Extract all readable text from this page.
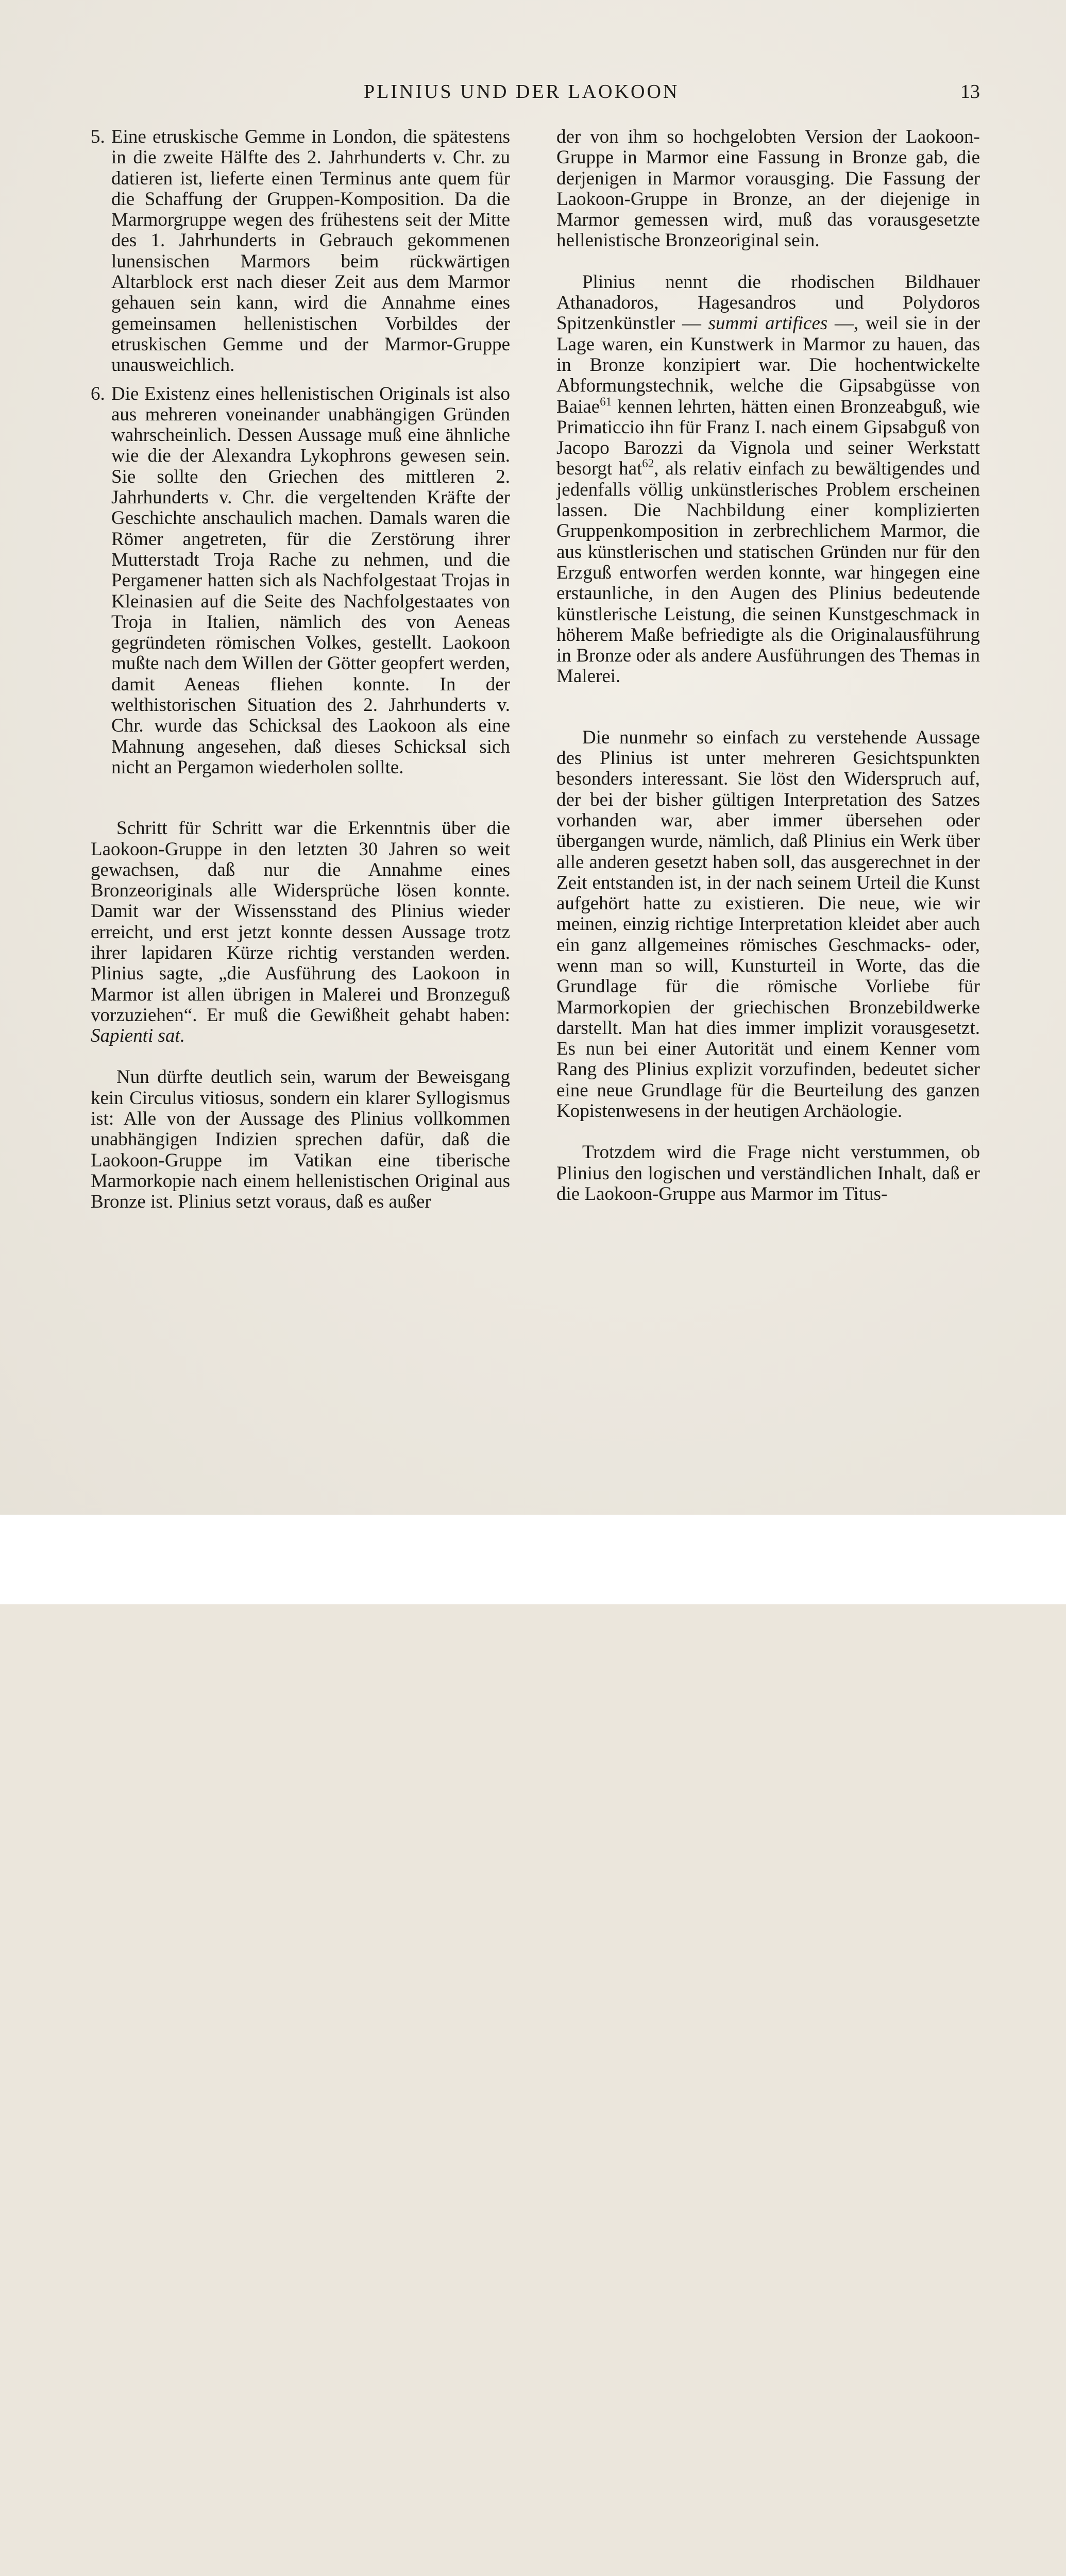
PLINIUS UND DER LAOKOON	13
5. Eine etruskische Gemme in London, die spätestens in die zweite Hälfte des 2. Jahrhunderts v. Chr. zu datieren ist, lieferte einen Terminus ante quem für die Schaffung der Gruppen-Komposition. Da die Marmorgruppe wegen des frühestens seit der Mitte des 1. Jahrhunderts in Gebrauch gekommenen lunensischen Marmors beim rückwärtigen Altarblock erst nach dieser Zeit aus dem Marmor gehauen sein kann, wird die Annahme eines gemeinsamen hellenistischen Vorbildes der etruskischen Gemme und der Marmor-Gruppe unausweichlich.

6. Die Existenz eines hellenistischen Originals ist also aus mehreren voneinander unabhängigen Gründen wahrscheinlich. Dessen Aussage muß eine ähnliche wie die der Alexandra Lykophrons gewesen sein. Sie sollte den Griechen des mittleren 2. Jahrhunderts v. Chr. die vergeltenden Kräfte der Geschichte anschaulich machen. Damals waren die Römer angetreten, für die Zerstörung ihrer Mutterstadt Troja Rache zu nehmen, und die Pergamener hatten sich als Nachfolgestaat Trojas in Kleinasien auf die Seite des Nachfolgestaates von Troja in Italien, nämlich des von Aeneas gegründeten römischen Volkes, gestellt. Laokoon mußte nach dem Willen der Götter geopfert werden, damit Aeneas fliehen konnte. In der welthistorischen Situation des 2. Jahrhunderts v. Chr. wurde das Schicksal des Laokoon als eine Mahnung angesehen, daß dieses Schicksal sich nicht an Pergamon wiederholen sollte.

Schritt für Schritt war die Erkenntnis über die Laokoon-Gruppe in den letzten 30 Jahren so weit gewachsen, daß nur die Annahme eines Bronzeoriginals alle Widersprüche lösen konnte. Damit war der Wissensstand des Plinius wieder erreicht, und erst jetzt konnte dessen Aussage trotz ihrer lapidaren Kürze richtig verstanden werden. Plinius sagte, „die Ausführung des Laokoon in Marmor ist allen übrigen in Malerei und Bronzeguß vorzuziehen“. Er muß die Gewißheit gehabt haben: Sapienti sat.

Nun dürfte deutlich sein, warum der Beweisgang kein Circulus vitiosus, sondern ein klarer Syllogismus ist: Alle von der Aussage des Plinius vollkommen unabhängigen Indizien sprechen dafür, daß die Laokoon-Gruppe im Vatikan eine tiberische Marmorkopie nach einem hellenistischen Original aus Bronze ist. Plinius setzt voraus, daß es außer

der von ihm so hochgelobten Version der Laokoon-Gruppe in Marmor eine Fassung in Bronze gab, die derjenigen in Marmor vorausging. Die Fassung der Laokoon-Gruppe in Bronze, an der diejenige in Marmor gemessen wird, muß das vorausgesetzte hellenistische Bronzeoriginal sein.

Plinius nennt die rhodischen Bildhauer Athanadoros, Hagesandros und Polydoros Spitzenkünstler — summi artifices —, weil sie in der Lage waren, ein Kunstwerk in Marmor zu hauen, das in Bronze konzipiert war. Die hochentwickelte Abformungstechnik, welche die Gipsabgüsse von Baiae$^{61}$ kennen lehrten, hätten einen Bronzeabguß, wie Primaticcio ihn für Franz I. nach einem Gipsabguß von Jacopo Barozzi da Vignola und seiner Werkstatt besorgt hat$^{62}$, als relativ einfach zu bewältigendes und jedenfalls völlig unkünstlerisches Problem erscheinen lassen. Die Nachbildung einer komplizierten Gruppenkomposition in zerbrechlichem Marmor, die aus künstlerischen und statischen Gründen nur für den Erzguß entworfen werden konnte, war hingegen eine erstaunliche, in den Augen des Plinius bedeutende künstlerische Leistung, die seinen Kunstgeschmack in höherem Maße befriedigte als die Originalausführung in Bronze oder als andere Ausführungen des Themas in Malerei.

Die nunmehr so einfach zu verstehende Aussage des Plinius ist unter mehreren Gesichtspunkten besonders interessant. Sie löst den Widerspruch auf, der bei der bisher gültigen Interpretation des Satzes vorhanden war, aber immer übersehen oder übergangen wurde, nämlich, daß Plinius ein Werk über alle anderen gesetzt haben soll, das ausgerechnet in der Zeit entstanden ist, in der nach seinem Urteil die Kunst aufgehört hatte zu existieren. Die neue, wie wir meinen, einzig richtige Interpretation kleidet aber auch ein ganz allgemeines römisches Geschmacks- oder, wenn man so will, Kunsturteil in Worte, das die Grundlage für die römische Vorliebe für Marmorkopien der griechischen Bronzebildwerke darstellt. Man hat dies immer implizit vorausgesetzt. Es nun bei einer Autorität und einem Kenner vom Rang des Plinius explizit vorzufinden, bedeutet sicher eine neue Grundlage für die Beurteilung des ganzen Kopistenwesens in der heutigen Archäologie.

Trotzdem wird die Frage nicht verstummen, ob Plinius den logischen und verständlichen Inhalt, daß er die Laokoon-Gruppe aus Marmor im Titus-
